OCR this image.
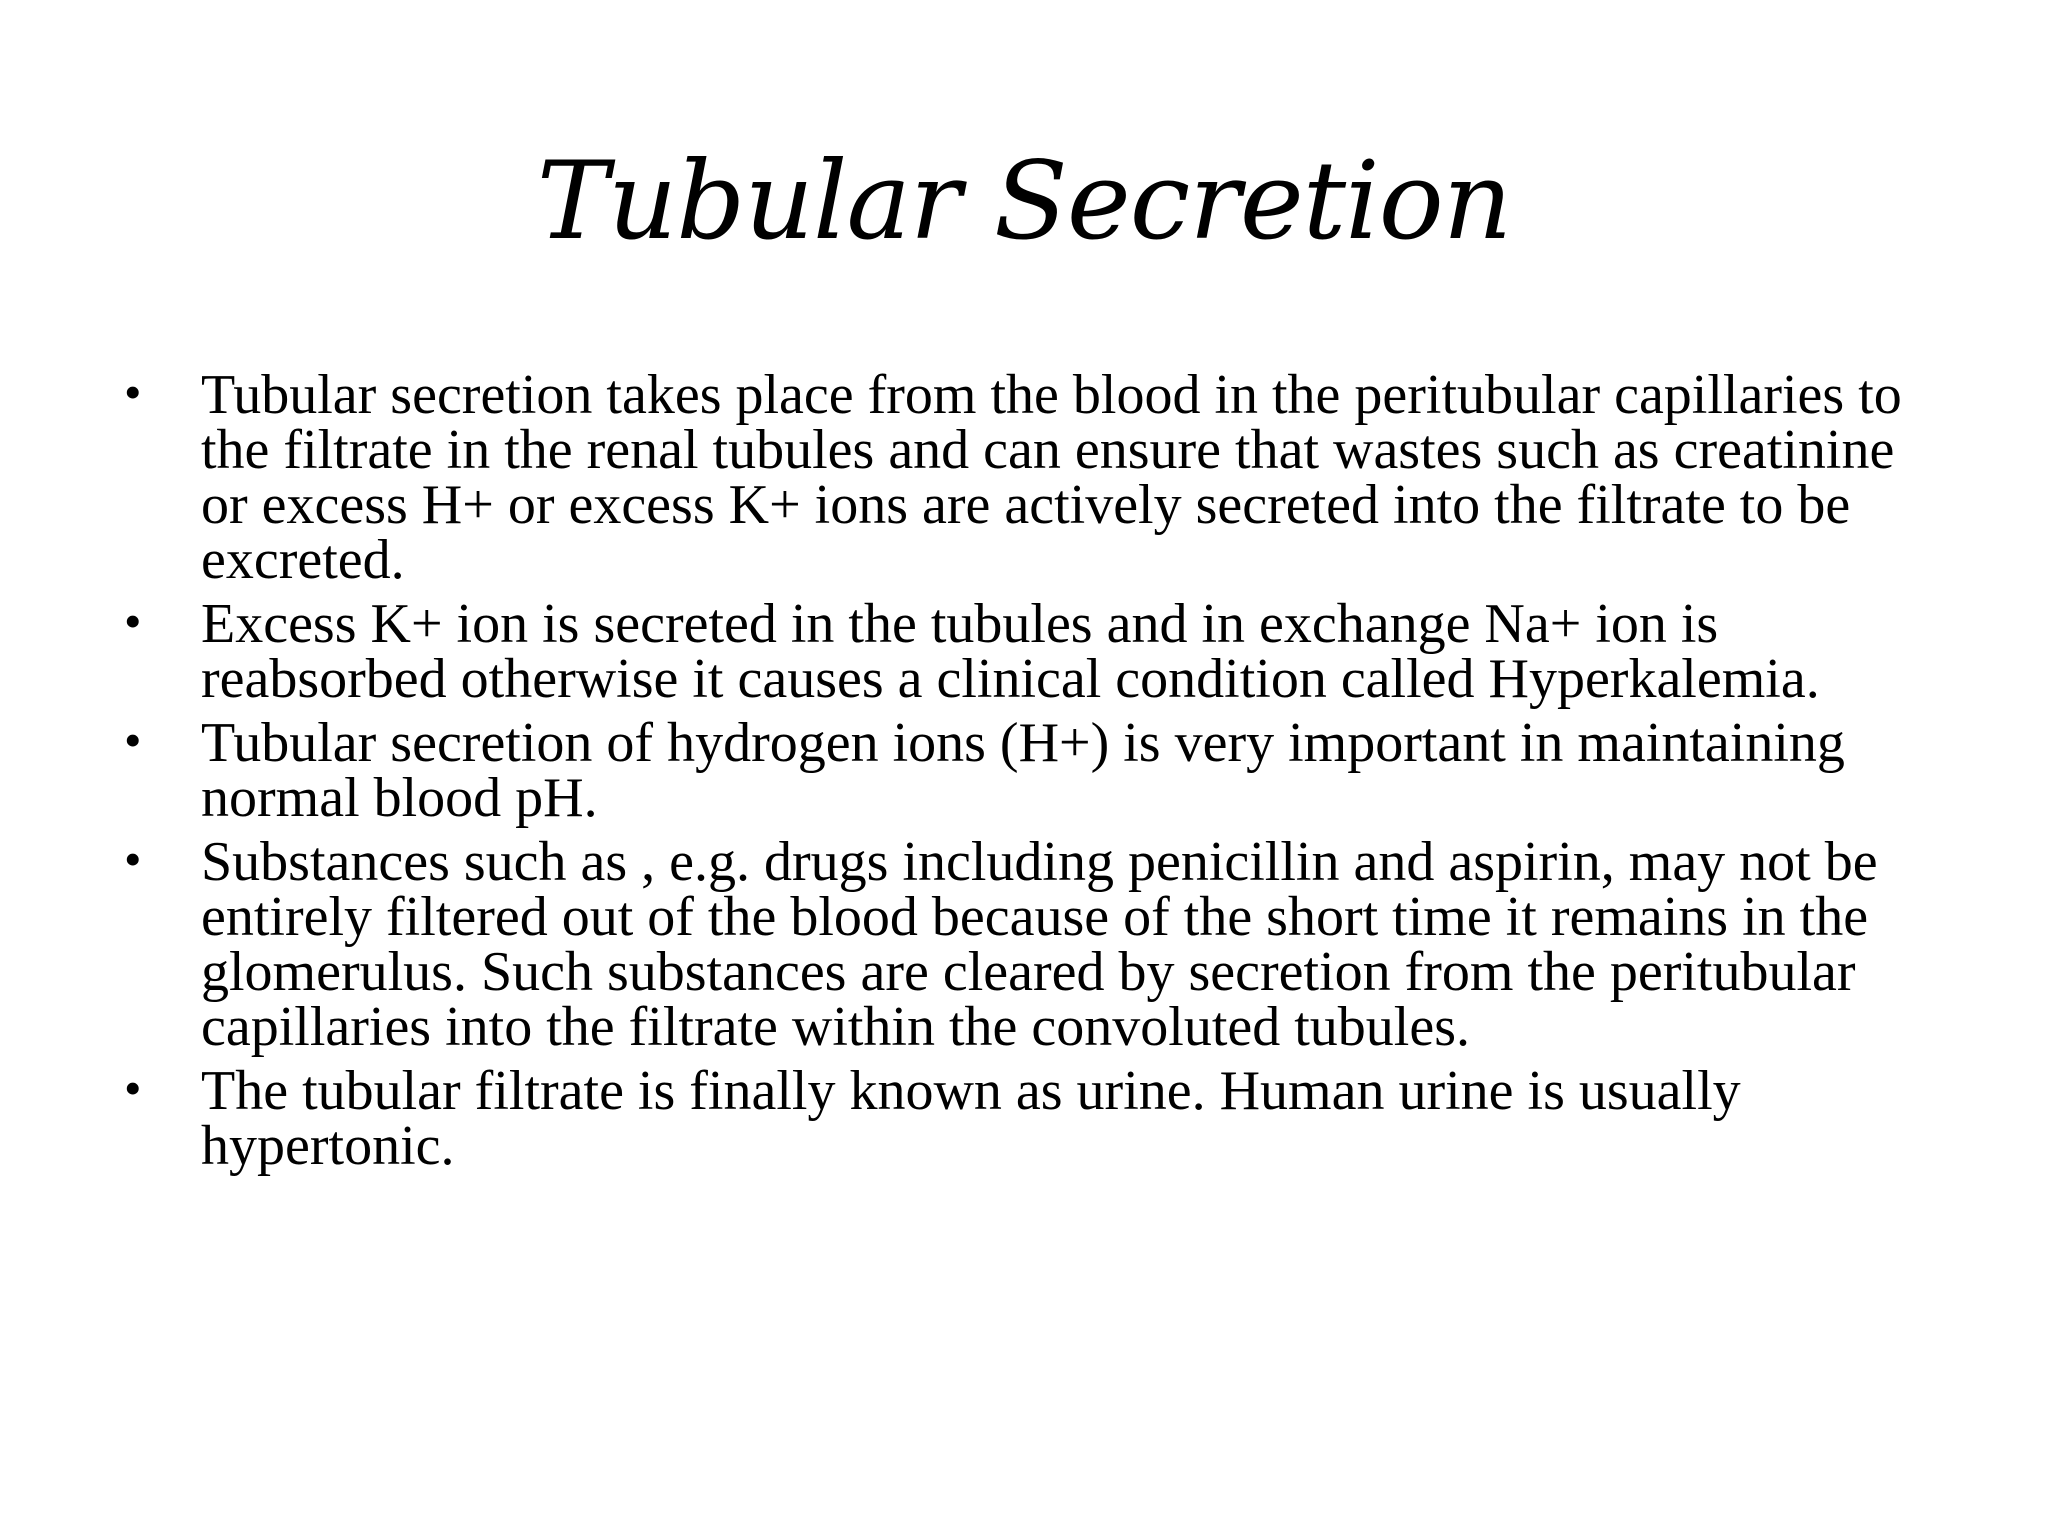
Tubular Secretion
• Tubular secretion takes place from the blood in the peritubular capillaries to the filtrate in the renal tubules and can ensure that wastes such as creatinine or excess H+ or excess K+ ions are actively secreted into the filtrate to be excreted.
• Excess K+ ion is secreted in the tubules and in exchange Na+ ion is reabsorbed otherwise it causes a clinical condition called Hyperkalemia.
• Tubular secretion of hydrogen ions (H+) is very important in maintaining normal blood pH.
• Substances such as , e.g. drugs including penicillin and aspirin, may not be entirely filtered out of the blood because of the short time it remains in the glomerulus. Such substances are cleared by secretion from the peritubular capillaries into the filtrate within the convoluted tubules.
• The tubular filtrate is finally known as urine. Human urine is usually hypertonic.
